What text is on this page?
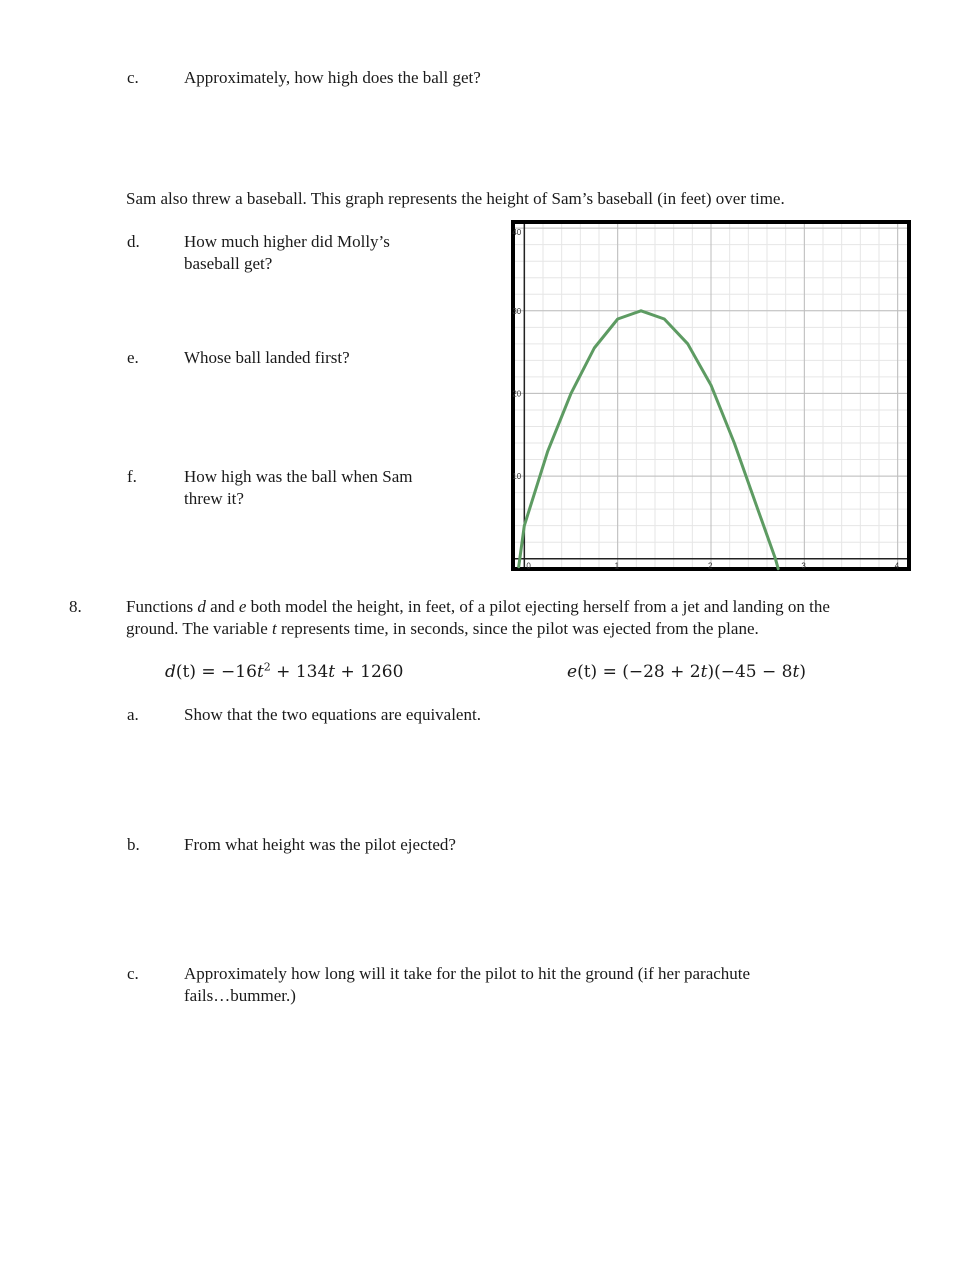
c.	Approximately, how high does the ball get?
Sam also threw a baseball. This graph represents the height of Sam’s baseball (in feet) over time.
d.	How much higher did Molly’s
baseball get?
e.	Whose ball landed first?
f.	How high was the ball when Sam
threw it?
0	1	2	3	4
10
20
30
40
8.	Functions d and e both model the height, in feet, of a pilot ejecting herself from a jet and landing on the
ground. The variable t represents time, in seconds, since the pilot was ejected from the plane.
$d(t) = -16t^2 + 134t + 1260$	e(t) = (−28 + 2t)(−45 − 8t)
a.	Show that the two equations are equivalent.
b.	From what height was the pilot ejected?
c.	Approximately how long will it take for the pilot to hit the ground (if her parachute
fails…bummer.)
